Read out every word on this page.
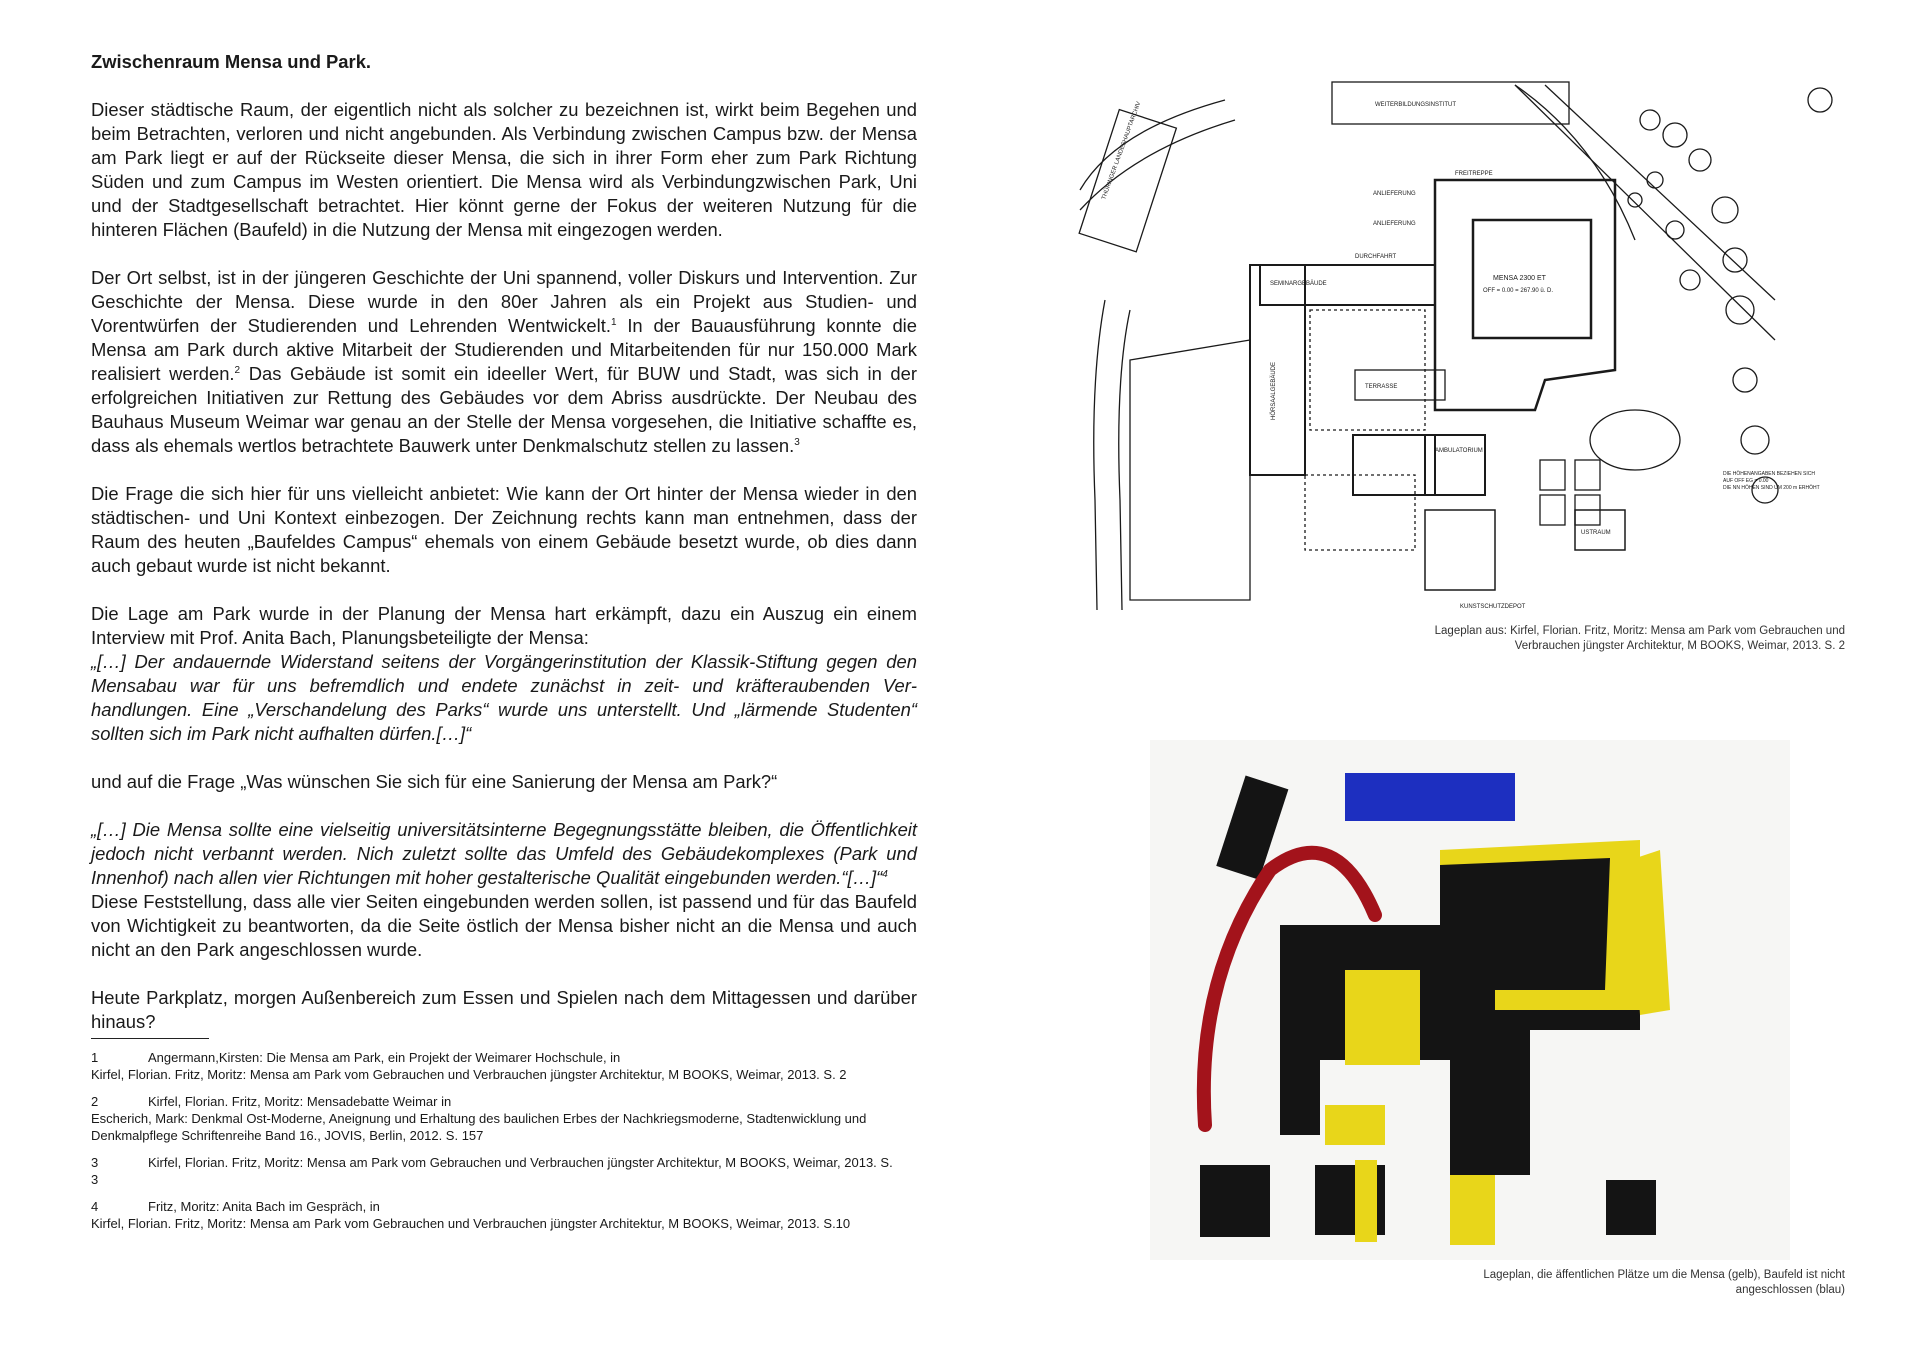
Zwischenraum Mensa und Park.

Dieser städtische Raum, der eigentlich nicht als solcher zu bezeichnen ist, wirkt beim Begehen und beim Betrachten, verloren und nicht angebunden. Als Verbindung zwischen Campus bzw. der Mensa am Park liegt er auf der Rückseite dieser Mensa, die sich in ihrer Form eher zum Park Richtung Süden und zum Campus im Westen orientiert. Die Mensa wird als Verbindungzwischen Park, Uni und der Stadtgesellschaft betrachtet. Hier könnt gerne der Fokus der weiteren Nutzung für die hinteren Flächen (Baufeld) in die Nutzung der Mensa mit eingezogen werden.

Der Ort selbst, ist in der jüngeren Geschichte der Uni spannend, voller Diskurs und Intervention. Zur Geschichte der Mensa. Diese wurde in den 80er Jahren als ein Projekt aus Studien- und Vorentwürfen der Studierenden und Lehrenden Wentwickelt.$^1$ In der Bauausführung konnte die Mensa am Park durch aktive Mitarbeit der Studierenden und Mitarbeitenden für nur 150.000 Mark realisiert werden.$^2$ Das Gebäude ist somit ein ideeller Wert, für BUW und Stadt, was sich in der erfolgreichen Initiativen zur Rettung des Gebäudes vor dem Abriss ausdrückte. Der Neubau des Bauhaus Museum Weimar war genau an der Stelle der Mensa vorgesehen, die Initiative schaffte es, dass als ehemals wertlos betrachtete Bauwerk unter Denkmalschutz stellen zu lassen.$^3$

Die Frage die sich hier für uns vielleicht anbietet: Wie kann der Ort hinter der Mensa wieder in den städtischen- und Uni Kontext einbezogen. Der Zeichnung rechts kann man entnehmen, dass der Raum des heuten „Baufeldes Campus“ ehemals von einem Gebäude besetzt wurde, ob dies dann auch gebaut wurde ist nicht bekannt.

Die Lage am Park wurde in der Planung der Mensa hart erkämpft, dazu ein Auszug ein einem Interview mit Prof. Anita Bach, Planungsbeteiligte der Mensa:

„[…] Der andauernde Widerstand seitens der Vorgängerinstitution der Klassik-Stiftung gegen den Mensabau war für uns befremdlich und endete zunächst in zeit- und kräfteraubenden Verhandlungen. Eine „Verschandelung des Parks“ wurde uns unterstellt. Und „lärmende Studenten“ sollten sich im Park nicht aufhalten dürfen.[…]“

und auf die Frage „Was wünschen Sie sich für eine Sanierung der Mensa am Park?“

„[…] Die Mensa sollte eine vielseitig universitätsinterne Begegnungsstätte bleiben, die Öffentlichkeit jedoch nicht verbannt werden. Nich zuletzt sollte das Umfeld des Gebäudekomplexes (Park und Innenhof) nach allen vier Richtungen mit hoher gestalterische Qualität eingebunden werden.“[…]“$^4$

Diese Feststellung, dass alle vier Seiten eingebunden werden sollen, ist passend und für das Baufeld von Wichtigkeit zu beantworten, da die Seite östlich der Mensa bisher nicht an die Mensa und auch nicht an den Park angeschlossen wurde.

Heute Parkplatz, morgen Außenbereich zum Essen und Spielen nach dem Mittagessen und darüber hinaus?

1	Angermann,Kirsten: Die Mensa am Park, ein Projekt der Weimarer Hochschule, in
Kirfel, Florian. Fritz, Moritz: Mensa am Park vom Gebrauchen und Verbrauchen jüngster Architektur, M BOOKS, Weimar, 2013. S. 2
2	Kirfel, Florian. Fritz, Moritz: Mensadebatte Weimar in
Escherich, Mark: Denkmal Ost-Moderne, Aneignung und Erhaltung des baulichen Erbes der Nachkriegsmoderne, Stadtenwicklung und Denkmalpflege Schriftenreihe Band 16., JOVIS, Berlin, 2012. S. 157
3	Kirfel, Florian. Fritz, Moritz: Mensa am Park vom Gebrauchen und Verbrauchen jüngster Architektur, M BOOKS, Weimar, 2013. S. 3
4	Fritz, Moritz: Anita Bach im Gespräch, in
Kirfel, Florian. Fritz, Moritz: Mensa am Park vom Gebrauchen und Verbrauchen jüngster Architektur, M BOOKS, Weimar, 2013. S.10
WEITERBILDUNGSINSTITUT
THÜRINGER LANDESHAUPTARCHIV
MENSA 2300 ET
OFF = 0.00 = 267.90 ü. D.
HÖRSAALGEBÄUDE
SEMINARGEBÄUDE
ANLIEFERUNG
ANLIEFERUNG
DURCHFAHRT
AMBULATORIUM
TERRASSE
USTRAUM
KUNSTSCHUTZDEPOT
FREITREPPE
DIE HÖHENANGABEN BEZIEHEN SICH
AUF OFF EG = 0.00
DIE NN HÖHEN SIND UM 200 m ERHÖHT
Lageplan aus: Kirfel, Florian. Fritz, Moritz: Mensa am Park vom Gebrauchen und
Verbrauchen jüngster Architektur, M BOOKS, Weimar, 2013. S. 2
Lageplan, die äffentlichen Plätze um die Mensa (gelb), Baufeld ist nicht
angeschlossen (blau)
